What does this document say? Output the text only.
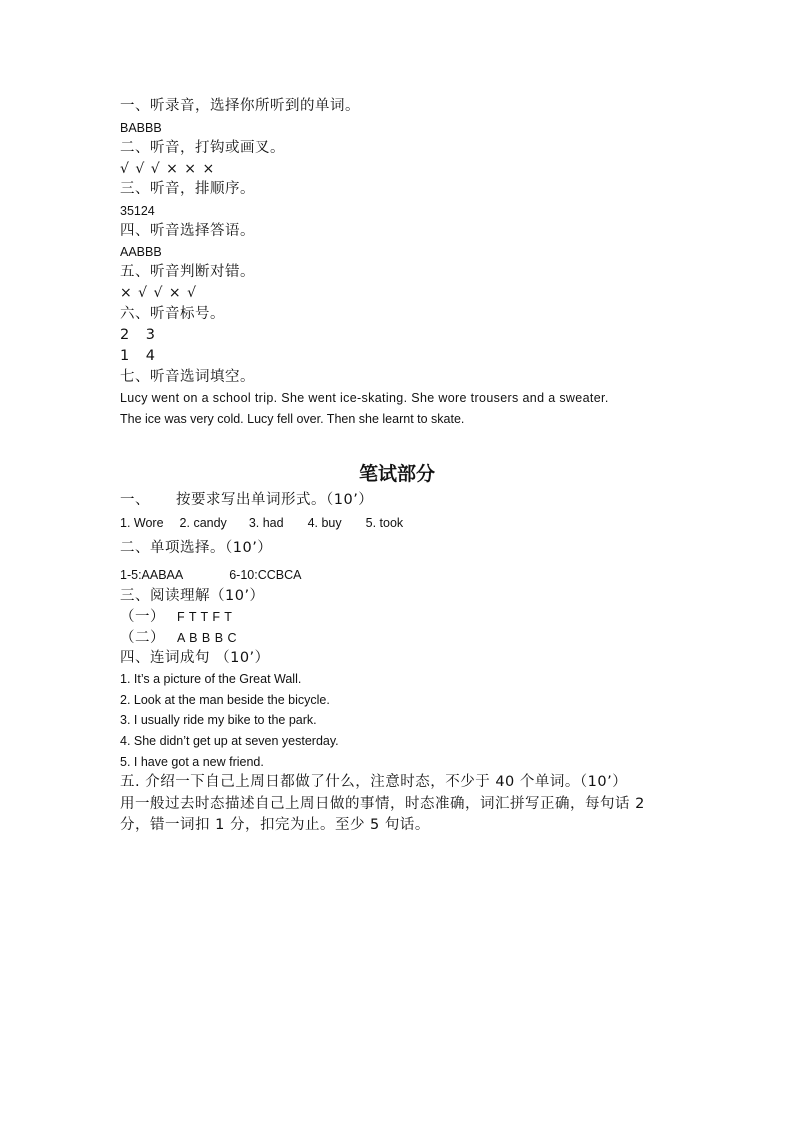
一、听录音，选择你所听到的单词。
BABBB
二、听音，打钩或画叉。
√ √ √ × × ×
三、听音，排顺序。
35124
四、听音选择答语。
AABBB
五、听音判断对错。
× √ √ × √
六、听音标号。
2 3
1 4
七、听音选词填空。
Lucy went on a school trip. She went ice-skating. She wore trousers and a sweater.
The ice was very cold. Lucy fell over. Then she learnt to skate.
笔试部分
一、 按要求写出单词形式。（10’）
1. Wore 2. candy 3. had 4. buy 5. took
二、单项选择。（10’）
1-5:AABAA	6-10:CCBCA
三、阅读理解（10’）
（一） F T T F T
（二） A B B B C
四、连词成句 （10’）
1. It’s a picture of the Great Wall.
2. Look at the man beside the bicycle.
3. I usually ride my bike to the park.
4. She didn’t get up at seven yesterday.
5. I have got a new friend.
五. 介绍一下自己上周日都做了什么，注意时态，不少于 40 个单词。（10’）
用一般过去时态描述自己上周日做的事情，时态准确，词汇拼写正确，每句话 2
分，错一词扣 1 分，扣完为止。至少 5 句话。
